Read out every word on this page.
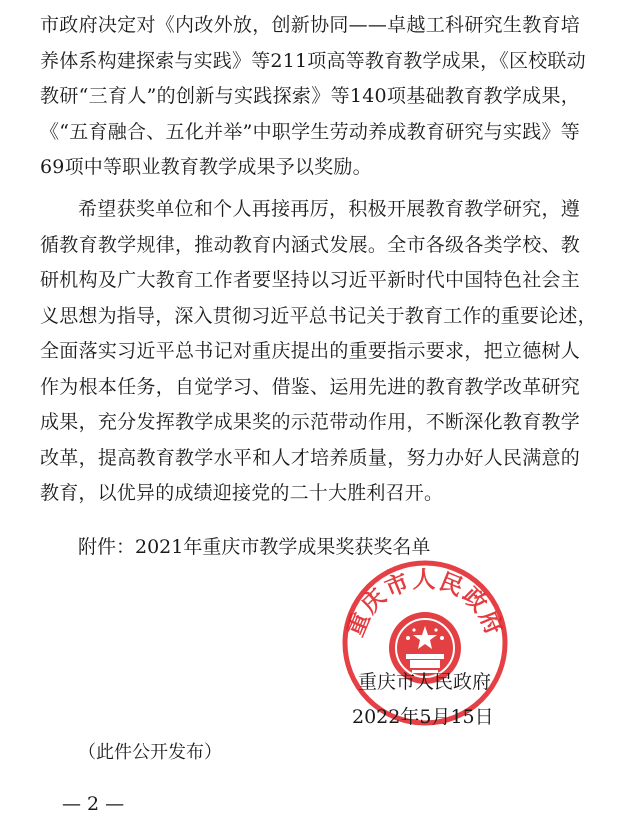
市政府决定对《内改外放，创新协同——卓越工科研究生教育培
养体系构建探索与实践》等211项高等教育教学成果，《区校联动
教研“三育人”的创新与实践探索》等140项基础教育教学成果，
《“五育融合、五化并举”中职学生劳动养成教育研究与实践》等
69项中等职业教育教学成果予以奖励。
希望获奖单位和个人再接再厉，积极开展教育教学研究，遵
循教育教学规律，推动教育内涵式发展。全市各级各类学校、教
研机构及广大教育工作者要坚持以习近平新时代中国特色社会主
义思想为指导，深入贯彻习近平总书记关于教育工作的重要论述，
全面落实习近平总书记对重庆提出的重要指示要求，把立德树人
作为根本任务，自觉学习、借鉴、运用先进的教育教学改革研究
成果，充分发挥教学成果奖的示范带动作用，不断深化教育教学
改革，提高教育教学水平和人才培养质量，努力办好人民满意的
教育，以优异的成绩迎接党的二十大胜利召开。
附件：2021年重庆市教学成果奖获奖名单
重庆市人民政府
重庆市人民政府
2022年5月15日
（此件公开发布）
— 2 —
